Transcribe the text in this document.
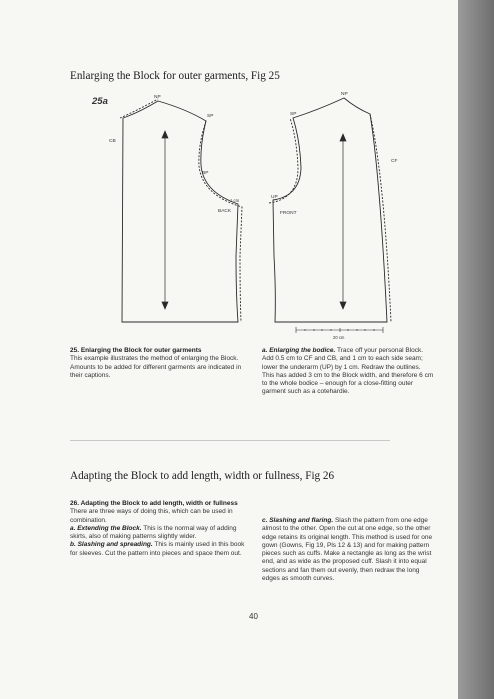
Enlarging the Block for outer garments, Fig 25
25a	NP
SP
CB
BP
BACK
1 cm
NP
SP
CF
UP
FRONT
20 cm

25. Enlarging the Block for outer garments

This example illustrates the method of enlarging the Block. Amounts to be added for different garments are indicated in their captions.

a. Enlarging the bodice. Trace off your personal Block. Add 0.5 cm to CF and CB, and 1 cm to each side seam; lower the underarm (UP) by 1 cm. Redraw the outlines. This has added 3 cm to the Block width, and therefore 6 cm to the whole bodice – enough for a close-fitting outer garment such as a cotehardie.
Adapting the Block to add length, width or fullness, Fig 26

26. Adapting the Block to add length, width or fullness

There are three ways of doing this, which can be used in combination.

a. Extending the Block. This is the normal way of adding skirts, also of making patterns slightly wider.

b. Slashing and spreading. This is mainly used in this book for sleeves. Cut the pattern into pieces and space them out.

c. Slashing and flaring. Slash the pattern from one edge almost to the other. Open the cut at one edge, so the other edge retains its original length. This method is used for one gown (Gowns, Fig 19, Pls 12 & 13) and for making pattern pieces such as cuffs. Make a rectangle as long as the wrist end, and as wide as the proposed cuff. Slash it into equal sections and fan them out evenly, then redraw the long edges as smooth curves.
40
